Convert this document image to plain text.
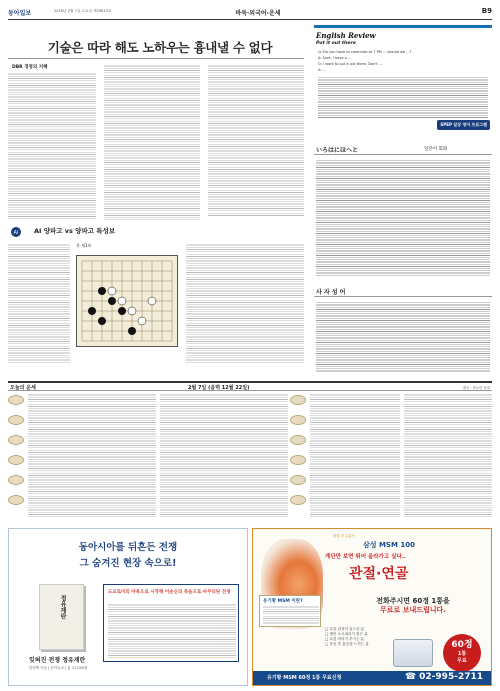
동아일보	2018년 2월 7일 수요일 제29813호	바둑·외국어·운세	B9
기술은 따라 해도 노하우는 흉내낼 수 없다
DBR 경영의 지혜
English Review
Put it out there
Q: Do you have to commute at 7 PM ... should we ...?
A: Sure, I have a ...
Q: I want to put it out there. Don't ...
A: ...
SPEP 일상 영어 프로그램
AI AI 양파고 vs 양파고 특성보
흑 제1보
いろはにほへと	일본어 회화
사 자 성 어
오늘의 운세	2월 7일 (음력 12월 22일)	제공 : 하늘안 운세
동아시아를 뒤흔든 전쟁
그 숨겨진 현장 속으로!
정유재란
도요토미의 야욕으로 시작해 이순신의 죽음으로 마무리된 전쟁
잊혀진 전쟁 정유재란
한영백 지음 | 동아일보 | 값 17,000원
판매 및 유통사
삼성 MSM 100
계단만 보면 뛰어 올라가고 싶다..
관절·연골
유기황 MSM 이란?	전화주시면 60정 1통을
무료로 보내드립니다.
□ 무릎 관절이 있으신 분
□ 계단 오르내리기 힘든 분
□ 무릎·허리가 쑤시는 분
□ 운동 후 통증을 느끼는 분	60정
1통
무료
유기황 MSM 60정 1통 무료신청	☎ 02-995-2711
